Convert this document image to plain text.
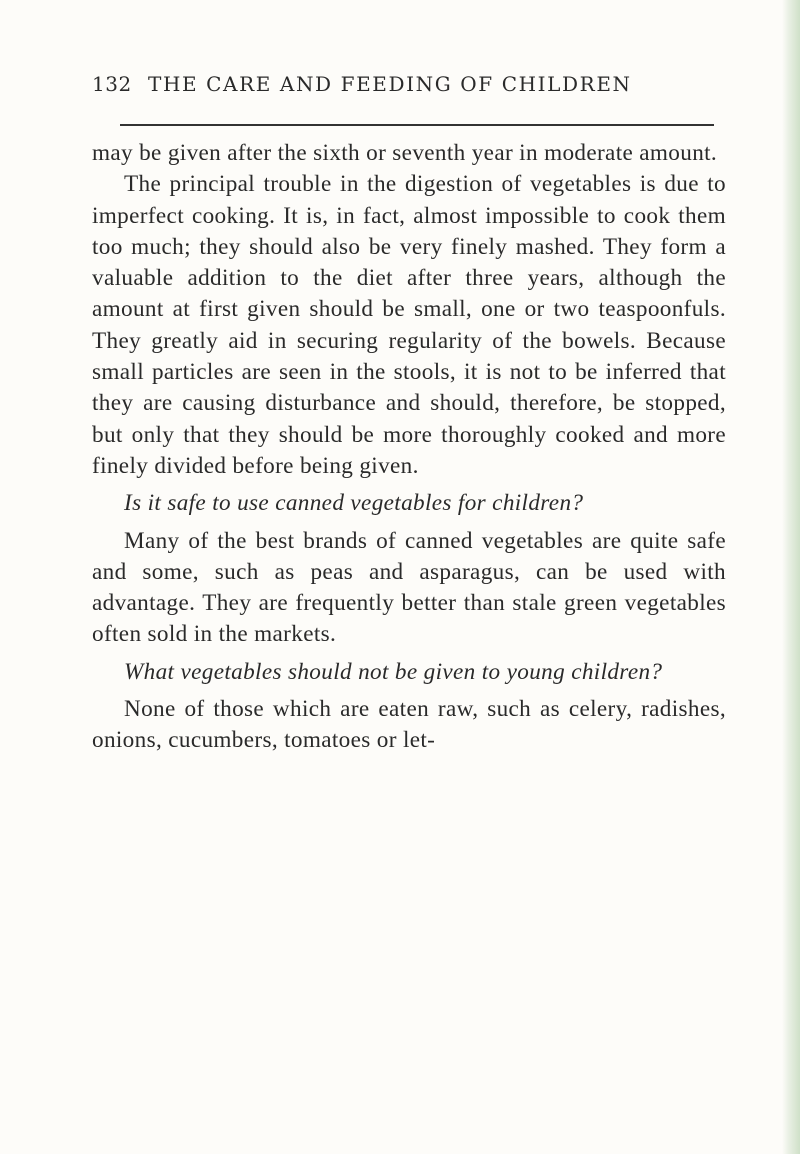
132 THE CARE AND FEEDING OF CHILDREN

may be given after the sixth or seventh year in moderate amount.

The principal trouble in the digestion of vegetables is due to imperfect cooking. It is, in fact, almost impossible to cook them too much; they should also be very finely mashed. They form a valuable addition to the diet after three years, although the amount at first given should be small, one or two teaspoonfuls. They greatly aid in securing regularity of the bowels. Because small particles are seen in the stools, it is not to be inferred that they are causing disturbance and should, therefore, be stopped, but only that they should be more thoroughly cooked and more finely divided before being given.

Is it safe to use canned vegetables for children?

Many of the best brands of canned vegetables are quite safe and some, such as peas and asparagus, can be used with advantage. They are frequently better than stale green vegetables often sold in the markets.

What vegetables should not be given to young children?

None of those which are eaten raw, such as celery, radishes, onions, cucumbers, tomatoes or let-
